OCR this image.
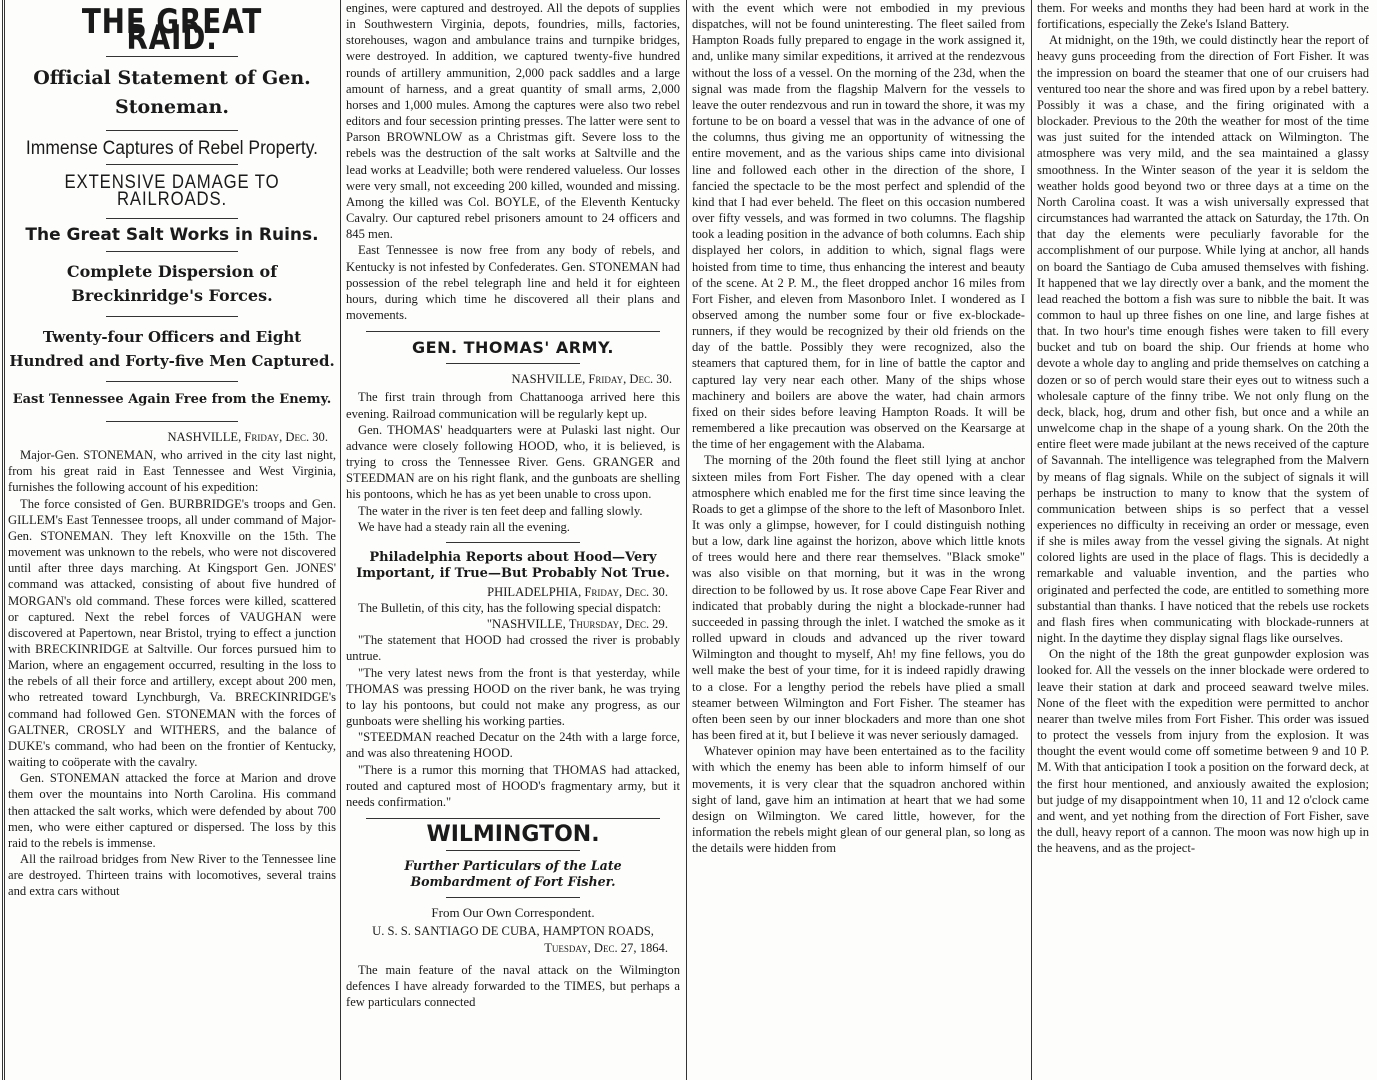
THE GREAT RAID.
Official Statement of Gen. Stoneman.
Immense Captures of Rebel Property.
EXTENSIVE DAMAGE TO RAILROADS.
The Great Salt Works in Ruins.
Complete Dispersion of Breckinridge's Forces.
Twenty-four Officers and Eight Hundred and Forty-five Men Captured.
East Tennessee Again Free from the Enemy.
NASHVILLE, Friday, Dec. 30.

Major-Gen. STONEMAN, who arrived in the city last night, from his great raid in East Tennessee and West Virginia, furnishes the following account of his expedition:

The force consisted of Gen. BURBRIDGE's troops and Gen. GILLEM's East Tennessee troops, all under command of Major-Gen. STONEMAN. They left Knoxville on the 15th. The movement was unknown to the rebels, who were not discovered until after three days marching. At Kingsport Gen. JONES' command was attacked, consisting of about five hundred of MORGAN's old command. These forces were killed, scattered or captured. Next the rebel forces of VAUGHAN were discovered at Papertown, near Bristol, trying to effect a junction with BRECKINRIDGE at Saltville. Our forces pursued him to Marion, where an engagement occurred, resulting in the loss to the rebels of all their force and artillery, except about 200 men, who retreated toward Lynchburgh, Va. BRECKINRIDGE's command had followed Gen. STONEMAN with the forces of GALTNER, CROSLY and WITHERS, and the balance of DUKE's command, who had been on the frontier of Kentucky, waiting to coöperate with the cavalry.

Gen. STONEMAN attacked the force at Marion and drove them over the mountains into North Carolina. His command then attacked the salt works, which were defended by about 700 men, who were either captured or dispersed. The loss by this raid to the rebels is immense.

All the railroad bridges from New River to the Tennessee line are destroyed. Thirteen trains with locomotives, several trains and extra cars without

engines, were captured and destroyed. All the depots of supplies in Southwestern Virginia, depots, foundries, mills, factories, storehouses, wagon and ambulance trains and turnpike bridges, were destroyed. In addition, we captured twenty-five hundred rounds of artillery ammunition, 2,000 pack saddles and a large amount of harness, and a great quantity of small arms, 2,000 horses and 1,000 mules. Among the captures were also two rebel editors and four secession printing presses. The latter were sent to Parson BROWNLOW as a Christmas gift. Severe loss to the rebels was the destruction of the salt works at Saltville and the lead works at Leadville; both were rendered valueless. Our losses were very small, not exceeding 200 killed, wounded and missing. Among the killed was Col. BOYLE, of the Eleventh Kentucky Cavalry. Our captured rebel prisoners amount to 24 officers and 845 men.

East Tennessee is now free from any body of rebels, and Kentucky is not infested by Confederates. Gen. STONEMAN had possession of the rebel telegraph line and held it for eighteen hours, during which time he discovered all their plans and movements.

GEN. THOMAS' ARMY.
NASHVILLE, Friday, Dec. 30.

The first train through from Chattanooga arrived here this evening. Railroad communication will be regularly kept up.

Gen. THOMAS' headquarters were at Pulaski last night. Our advance were closely following HOOD, who, it is believed, is trying to cross the Tennessee River. Gens. GRANGER and STEEDMAN are on his right flank, and the gunboats are shelling his pontoons, which he has as yet been unable to cross upon.

The water in the river is ten feet deep and falling slowly.

We have had a steady rain all the evening.

Philadelphia Reports about Hood—Very Important, if True—But Probably Not True.
PHILADELPHIA, Friday, Dec. 30.

The Bulletin, of this city, has the following special dispatch:

"NASHVILLE, Thursday, Dec. 29.

"The statement that HOOD had crossed the river is probably untrue.

"The very latest news from the front is that yesterday, while THOMAS was pressing HOOD on the river bank, he was trying to lay his pontoons, but could not make any progress, as our gunboats were shelling his working parties.

"STEEDMAN reached Decatur on the 24th with a large force, and was also threatening HOOD.

"There is a rumor this morning that THOMAS had attacked, routed and captured most of HOOD's fragmentary army, but it needs confirmation."

WILMINGTON.
Further Particulars of the Late Bombardment of Fort Fisher.
From Our Own Correspondent.
U. S. S. SANTIAGO DE CUBA, HAMPTON ROADS,
Tuesday, Dec. 27, 1864.

The main feature of the naval attack on the Wilmington defences I have already forwarded to the TIMES, but perhaps a few particulars connected

with the event which were not embodied in my previous dispatches, will not be found uninteresting. The fleet sailed from Hampton Roads fully prepared to engage in the work assigned it, and, unlike many similar expeditions, it arrived at the rendezvous without the loss of a vessel. On the morning of the 23d, when the signal was made from the flagship Malvern for the vessels to leave the outer rendezvous and run in toward the shore, it was my fortune to be on board a vessel that was in the advance of one of the columns, thus giving me an opportunity of witnessing the entire movement, and as the various ships came into divisional line and followed each other in the direction of the shore, I fancied the spectacle to be the most perfect and splendid of the kind that I had ever beheld. The fleet on this occasion numbered over fifty vessels, and was formed in two columns. The flagship took a leading position in the advance of both columns. Each ship displayed her colors, in addition to which, signal flags were hoisted from time to time, thus enhancing the interest and beauty of the scene. At 2 P. M., the fleet dropped anchor 16 miles from Fort Fisher, and eleven from Masonboro Inlet. I wondered as I observed among the number some four or five ex-blockade-runners, if they would be recognized by their old friends on the day of the battle. Possibly they were recognized, also the steamers that captured them, for in line of battle the captor and captured lay very near each other. Many of the ships whose machinery and boilers are above the water, had chain armors fixed on their sides before leaving Hampton Roads. It will be remembered a like precaution was observed on the Kearsarge at the time of her engagement with the Alabama.

The morning of the 20th found the fleet still lying at anchor sixteen miles from Fort Fisher. The day opened with a clear atmosphere which enabled me for the first time since leaving the Roads to get a glimpse of the shore to the left of Masonboro Inlet. It was only a glimpse, however, for I could distinguish nothing but a low, dark line against the horizon, above which little knots of trees would here and there rear themselves. "Black smoke" was also visible on that morning, but it was in the wrong direction to be followed by us. It rose above Cape Fear River and indicated that probably during the night a blockade-runner had succeeded in passing through the inlet. I watched the smoke as it rolled upward in clouds and advanced up the river toward Wilmington and thought to myself, Ah! my fine fellows, you do well make the best of your time, for it is indeed rapidly drawing to a close. For a lengthy period the rebels have plied a small steamer between Wilmington and Fort Fisher. The steamer has often been seen by our inner blockaders and more than one shot has been fired at it, but I believe it was never seriously damaged.

Whatever opinion may have been entertained as to the facility with which the enemy has been able to inform himself of our movements, it is very clear that the squadron anchored within sight of land, gave him an intimation at heart that we had some design on Wilmington. We cared little, however, for the information the rebels might glean of our general plan, so long as the details were hidden from

them. For weeks and months they had been hard at work in the fortifications, especially the Zeke's Island Battery.

At midnight, on the 19th, we could distinctly hear the report of heavy guns proceeding from the direction of Fort Fisher. It was the impression on board the steamer that one of our cruisers had ventured too near the shore and was fired upon by a rebel battery. Possibly it was a chase, and the firing originated with a blockader. Previous to the 20th the weather for most of the time was just suited for the intended attack on Wilmington. The atmosphere was very mild, and the sea maintained a glassy smoothness. In the Winter season of the year it is seldom the weather holds good beyond two or three days at a time on the North Carolina coast. It was a wish universally expressed that circumstances had warranted the attack on Saturday, the 17th. On that day the elements were peculiarly favorable for the accomplishment of our purpose. While lying at anchor, all hands on board the Santiago de Cuba amused themselves with fishing. It happened that we lay directly over a bank, and the moment the lead reached the bottom a fish was sure to nibble the bait. It was common to haul up three fishes on one line, and large fishes at that. In two hour's time enough fishes were taken to fill every bucket and tub on board the ship. Our friends at home who devote a whole day to angling and pride themselves on catching a dozen or so of perch would stare their eyes out to witness such a wholesale capture of the finny tribe. We not only flung on the deck, black, hog, drum and other fish, but once and a while an unwelcome chap in the shape of a young shark. On the 20th the entire fleet were made jubilant at the news received of the capture of Savannah. The intelligence was telegraphed from the Malvern by means of flag signals. While on the subject of signals it will perhaps be instruction to many to know that the system of communication between ships is so perfect that a vessel experiences no difficulty in receiving an order or message, even if she is miles away from the vessel giving the signals. At night colored lights are used in the place of flags. This is decidedly a remarkable and valuable invention, and the parties who originated and perfected the code, are entitled to something more substantial than thanks. I have noticed that the rebels use rockets and flash fires when communicating with blockade-runners at night. In the daytime they display signal flags like ourselves.

On the night of the 18th the great gunpowder explosion was looked for. All the vessels on the inner blockade were ordered to leave their station at dark and proceed seaward twelve miles. None of the fleet with the expedition were permitted to anchor nearer than twelve miles from Fort Fisher. This order was issued to protect the vessels from injury from the explosion. It was thought the event would come off sometime between 9 and 10 P. M. With that anticipation I took a position on the forward deck, at the first hour mentioned, and anxiously awaited the explosion; but judge of my disappointment when 10, 11 and 12 o'clock came and went, and yet nothing from the direction of Fort Fisher, save the dull, heavy report of a cannon. The moon was now high up in the heavens, and as the project-
